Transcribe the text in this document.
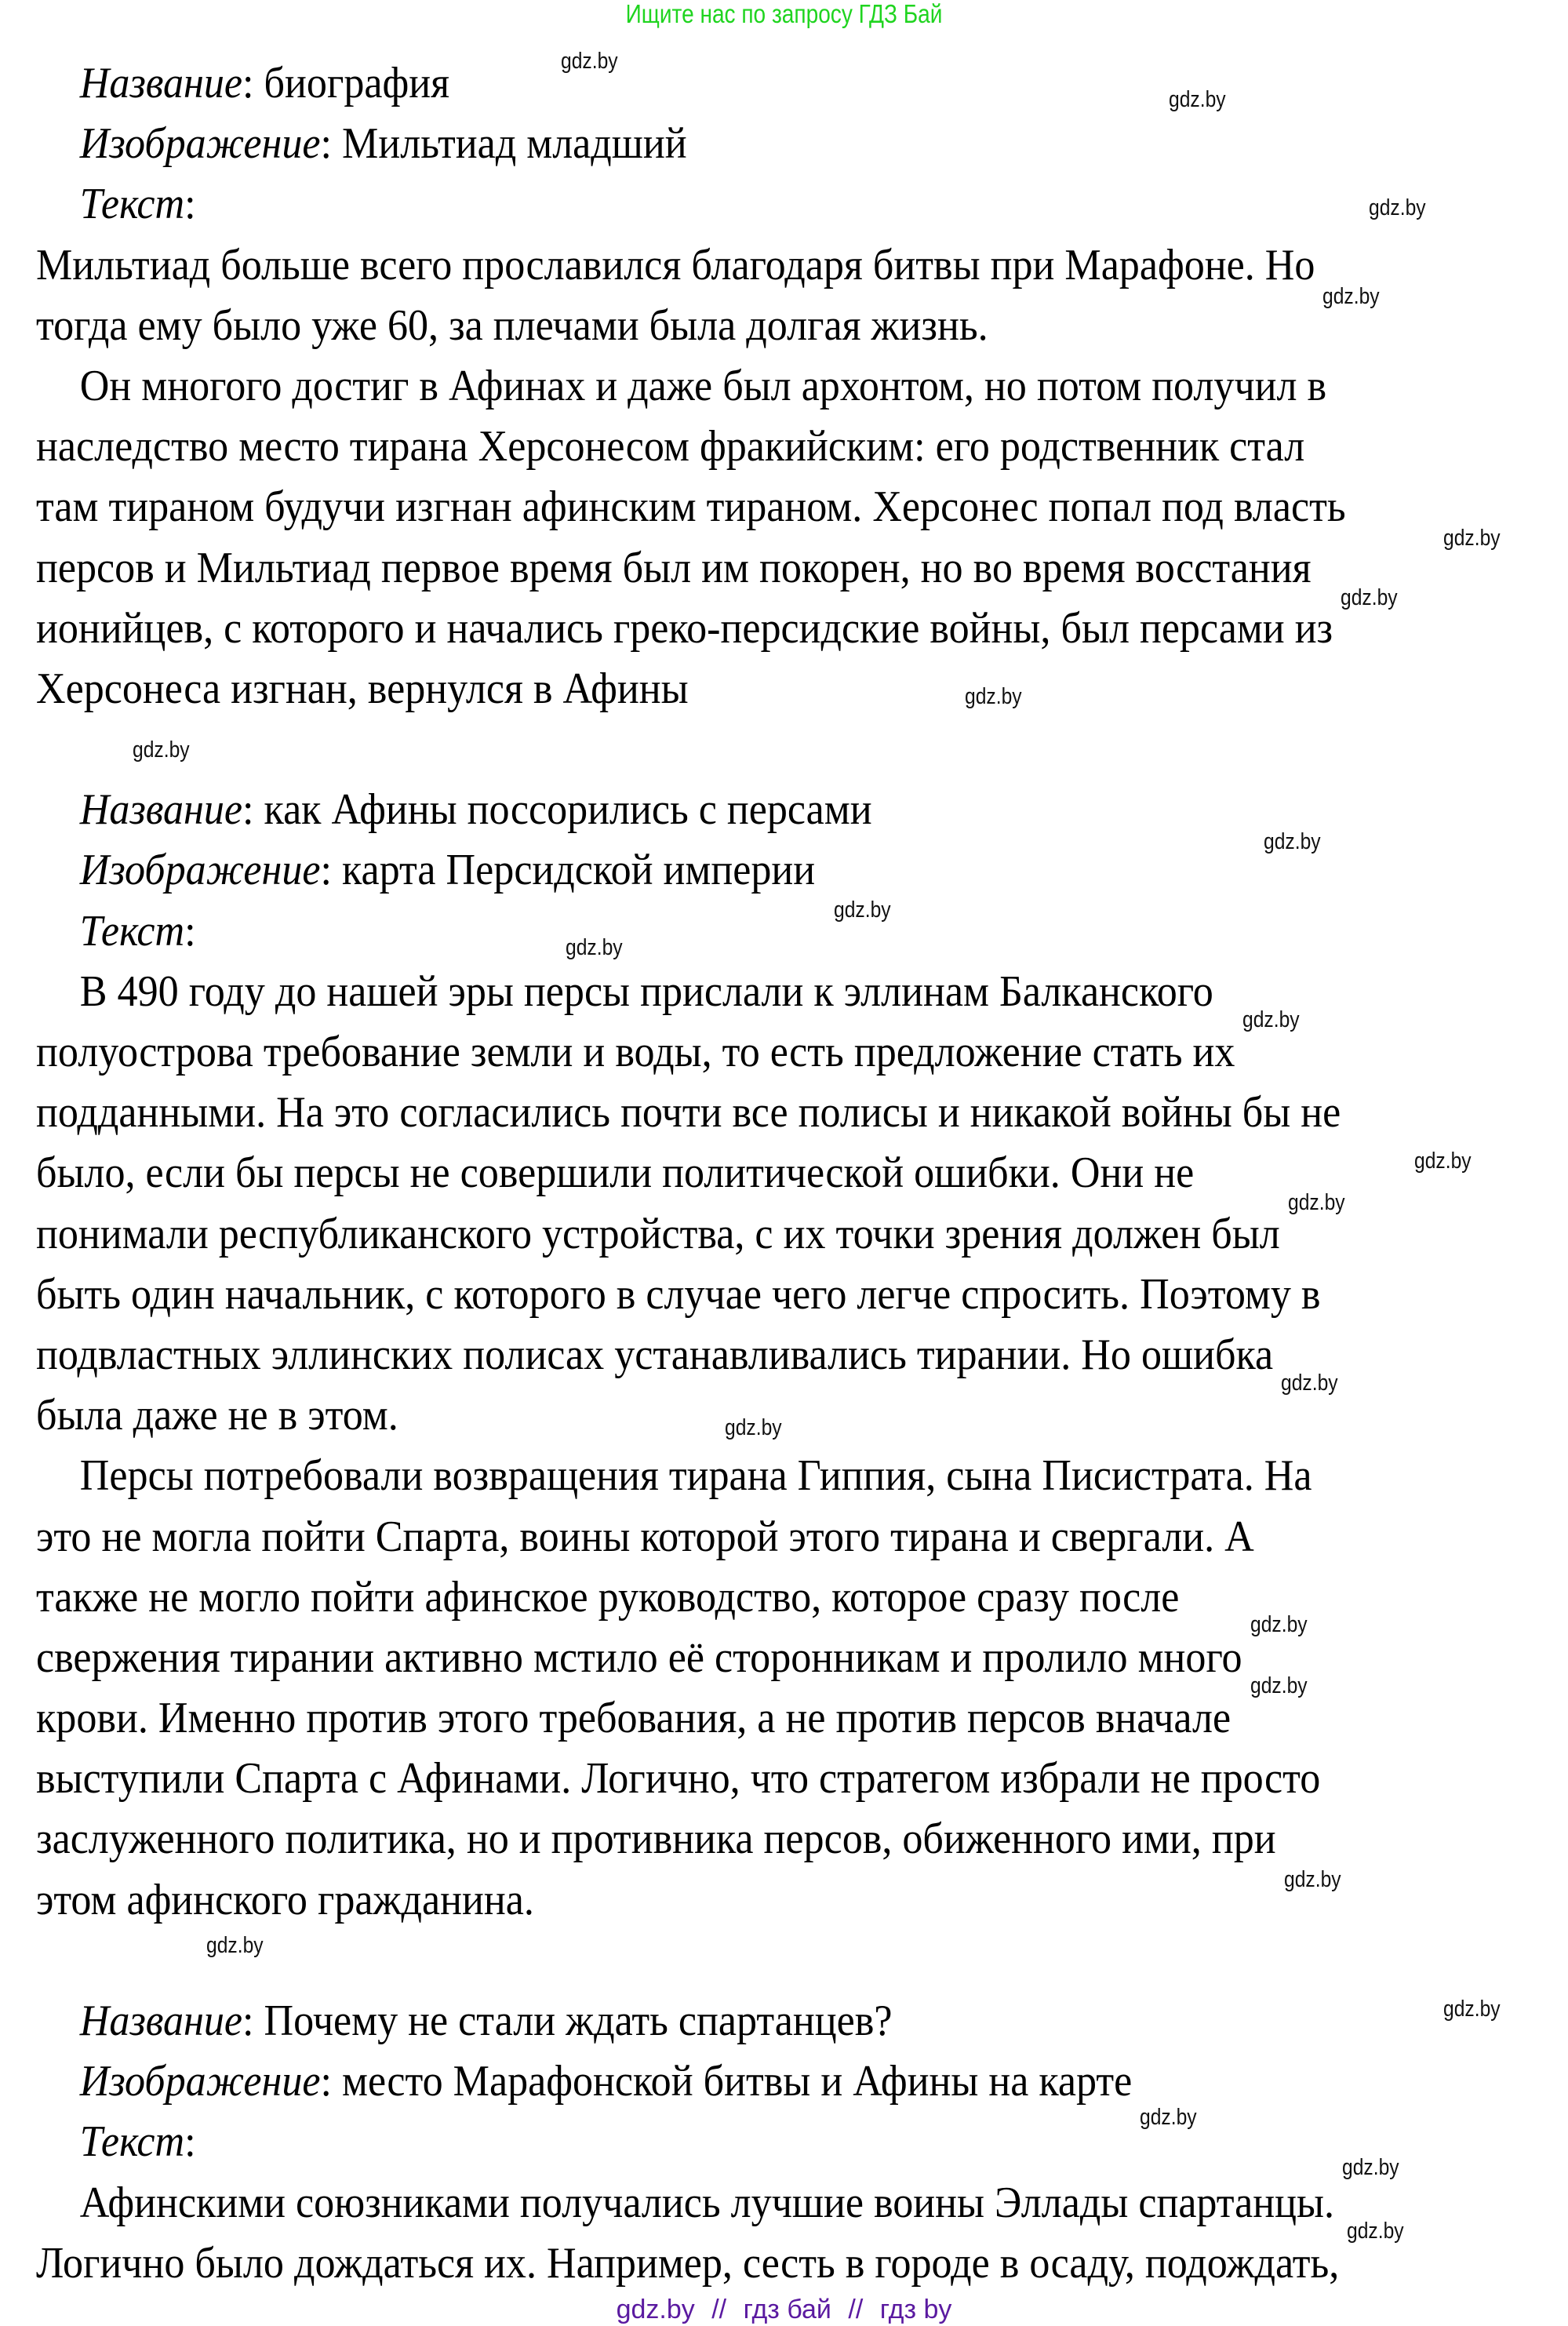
Ищите нас по запросу ГДЗ Бай
Название: биография
Изображение: Мильтиад младший
Текст:
Мильтиад больше всего прославился благодаря битвы при Марафоне. Но
тогда ему было уже 60, за плечами была долгая жизнь.
Он многого достиг в Афинах и даже был архонтом, но потом получил в
наследство место тирана Херсонесом фракийским: его родственник стал
там тираном будучи изгнан афинским тираном. Херсонес попал под власть
персов и Мильтиад первое время был им покорен, но во время восстания
ионийцев, с которого и начались греко-персидские войны, был персами из
Херсонеса изгнан, вернулся в Афины
Название: как Афины поссорились с персами
Изображение: карта Персидской империи
Текст:
В 490 году до нашей эры персы прислали к эллинам Балканского
полуострова требование земли и воды, то есть предложение стать их
подданными. На это согласились почти все полисы и никакой войны бы не
было, если бы персы не совершили политической ошибки. Они не
понимали республиканского устройства, с их точки зрения должен был
быть один начальник, с которого в случае чего легче спросить. Поэтому в
подвластных эллинских полисах устанавливались тирании. Но ошибка
была даже не в этом.
Персы потребовали возвращения тирана Гиппия, сына Писистрата. На
это не могла пойти Спарта, воины которой этого тирана и свергали. А
также не могло пойти афинское руководство, которое сразу после
свержения тирании активно мстило её сторонникам и пролило много
крови. Именно против этого требования, а не против персов вначале
выступили Спарта с Афинами. Логично, что стратегом избрали не просто
заслуженного политика, но и противника персов, обиженного ими, при
этом афинского гражданина.
Название: Почему не стали ждать спартанцев?
Изображение: место Марафонской битвы и Афины на карте
Текст:
Афинскими союзниками получались лучшие воины Эллады спартанцы.
Логично было дождаться их. Например, сесть в городе в осаду, подождать,
gdz.by
gdz.by
gdz.by
gdz.by
gdz.by
gdz.by
gdz.by
gdz.by
gdz.by
gdz.by
gdz.by
gdz.by
gdz.by
gdz.by
gdz.by
gdz.by
gdz.by
gdz.by
gdz.by
gdz.by
gdz.by
gdz.by
gdz.by
gdz.by
gdz.by // гдз бай // гдз by
